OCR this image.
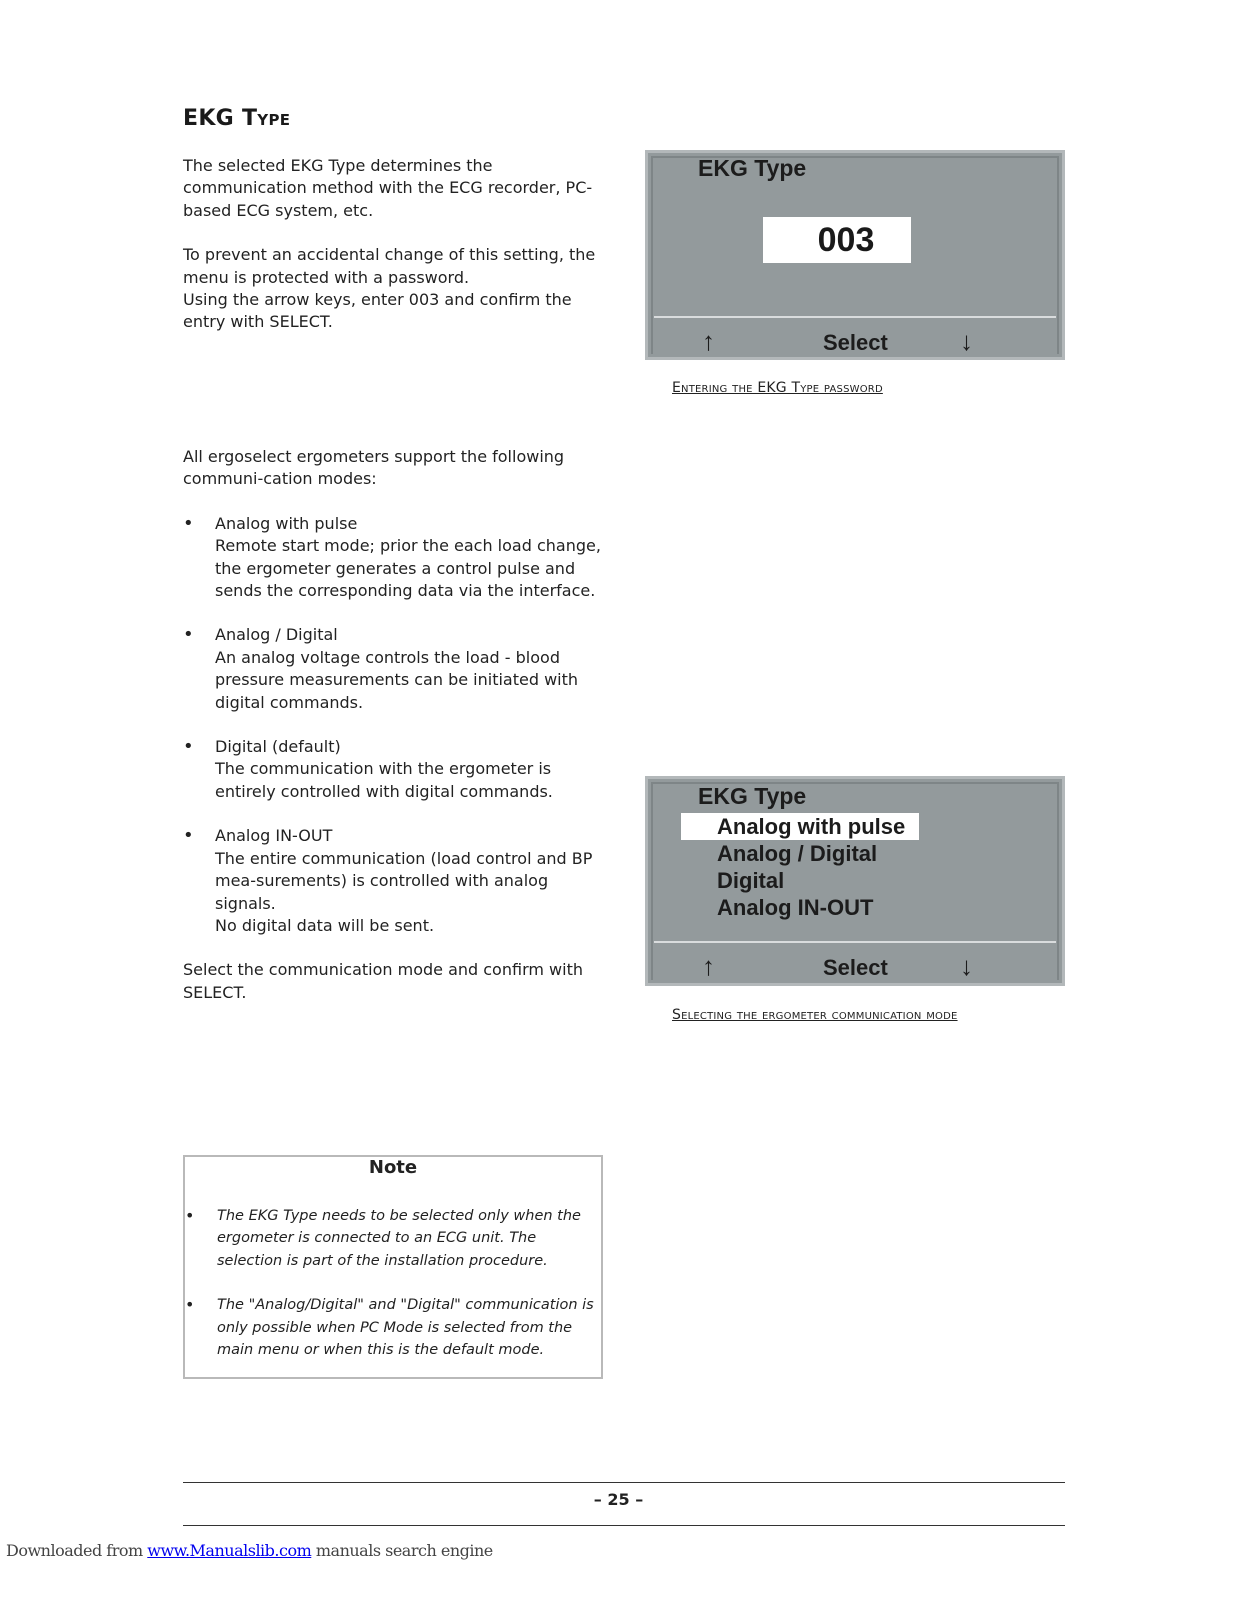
EKG Type

The selected EKG Type determines the communication method with the ECG recorder, PC-based ECG system, etc.

To prevent an accidental change of this setting, the menu is protected with a password.

Using the arrow keys, enter 003 and confirm the entry with SELECT.

EKG Type
003
↑	Select	↓
Entering the EKG Type password

All ergoselect ergometers support the following communi-cation modes:

• Analog with pulse
Remote start mode; prior the each load change, the ergometer generates a control pulse and sends the corresponding data via the interface.
• Analog / Digital
An analog voltage controls the load - blood pressure measurements can be initiated with digital commands.
• Digital (default)
The communication with the ergometer is entirely controlled with digital commands.
• Analog IN-OUT
The entire communication (load control and BP mea-surements) is controlled with analog signals.
No digital data will be sent.

Select the communication mode and confirm with SELECT.

EKG Type
Analog with pulse
Analog / Digital
Digital
Analog IN-OUT
↑	Select	↓
Selecting the ergometer communication mode
Note
• The EKG Type needs to be selected only when the ergometer is connected to an ECG unit. The selection is part of the installation procedure.
• The "Analog/Digital" and "Digital" communication is only possible when PC Mode is selected from the main menu or when this is the default mode.
– 25 –
Downloaded from www.Manualslib.com manuals search engine
